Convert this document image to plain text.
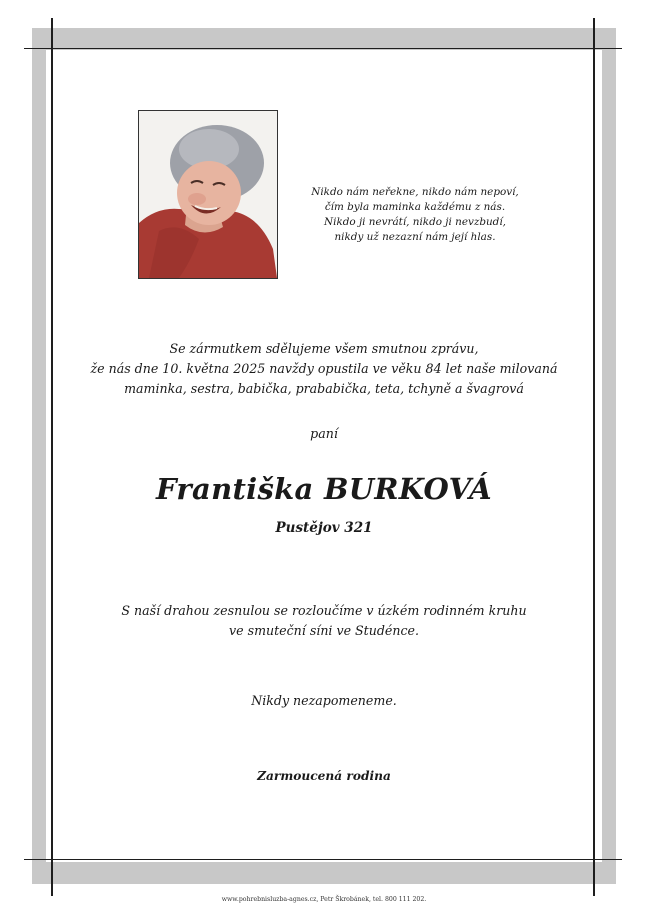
Nikdo nám neřekne, nikdo nám nepoví,
čím byla maminka každému z nás.
Nikdo ji nevrátí, nikdo ji nevzbudí,
nikdy už nezazní nám její hlas.
Se zármutkem sdělujeme všem smutnou zprávu,
že nás dne 10. května 2025 navždy opustila ve věku 84 let naše milovaná
maminka, sestra, babička, prababička, teta, tchyně a švagrová
paní
Františka BURKOVÁ
Pustějov 321
S naší drahou zesnulou se rozloučíme v úzkém rodinném kruhu
ve smuteční síni ve Studénce.
Nikdy nezapomeneme.
Zarmoucená rodina
www.pohrebnisluzba-agnes.cz, Petr Škrobánek, tel. 800 111 202.
